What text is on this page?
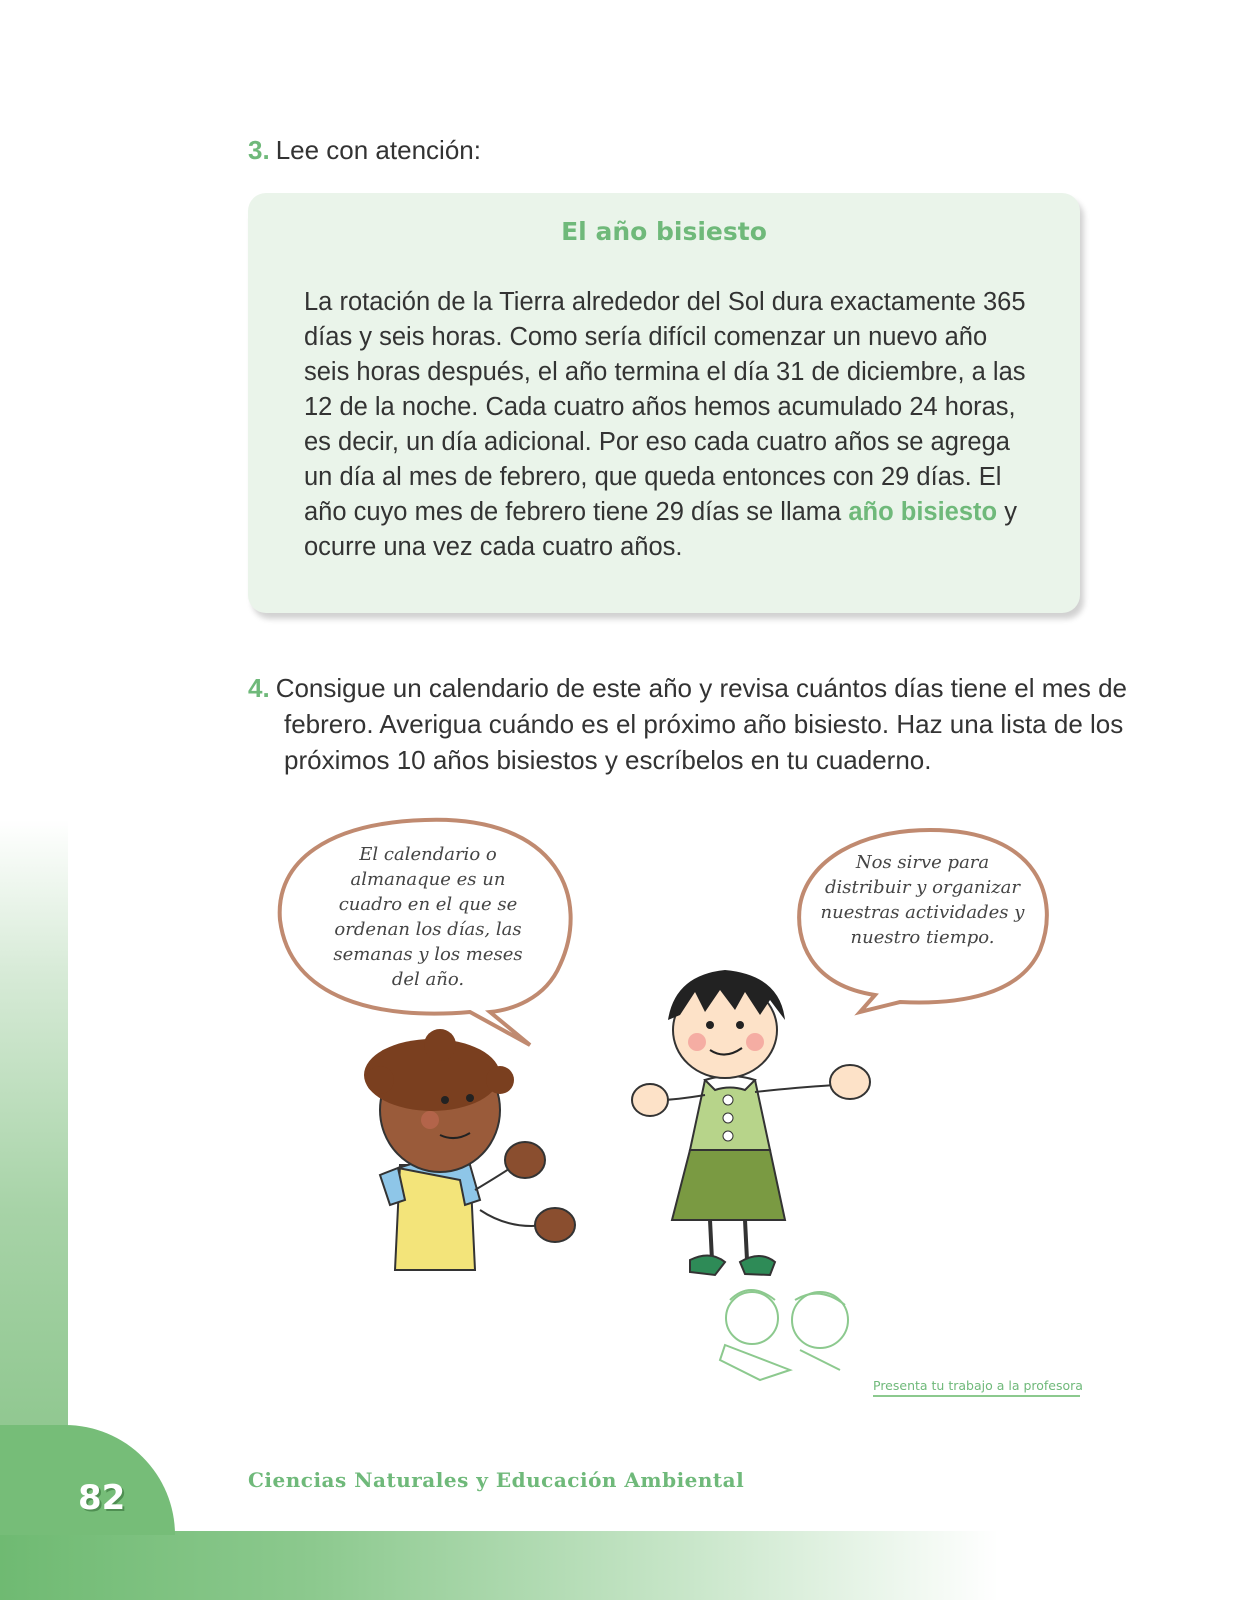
3. Lee con atención:
El año bisiesto
La rotación de la Tierra alrededor del Sol dura exactamente 365 días y seis horas. Como sería difícil comenzar un nuevo año seis horas después, el año termina el día 31 de diciembre, a las 12 de la noche. Cada cuatro años hemos acumulado 24 horas, es decir, un día adicional. Por eso cada cuatro años se agrega un día al mes de febrero, que queda entonces con 29 días. El año cuyo mes de febrero tiene 29 días se llama año bisiesto y ocurre una vez cada cuatro años.
4. Consigue un calendario de este año y revisa cuántos días tiene el mes de febrero. Averigua cuándo es el próximo año bisiesto. Haz una lista de los próximos 10 años bisiestos y escríbelos en tu cuaderno.
El calendario o almanaque es un cuadro en el que se ordenan los días, las semanas y los meses del año.
Nos sirve para distribuir y organizar nuestras actividades y nuestro tiempo.
Presenta tu trabajo a la profesora
82	Ciencias Naturales y Educación Ambiental
